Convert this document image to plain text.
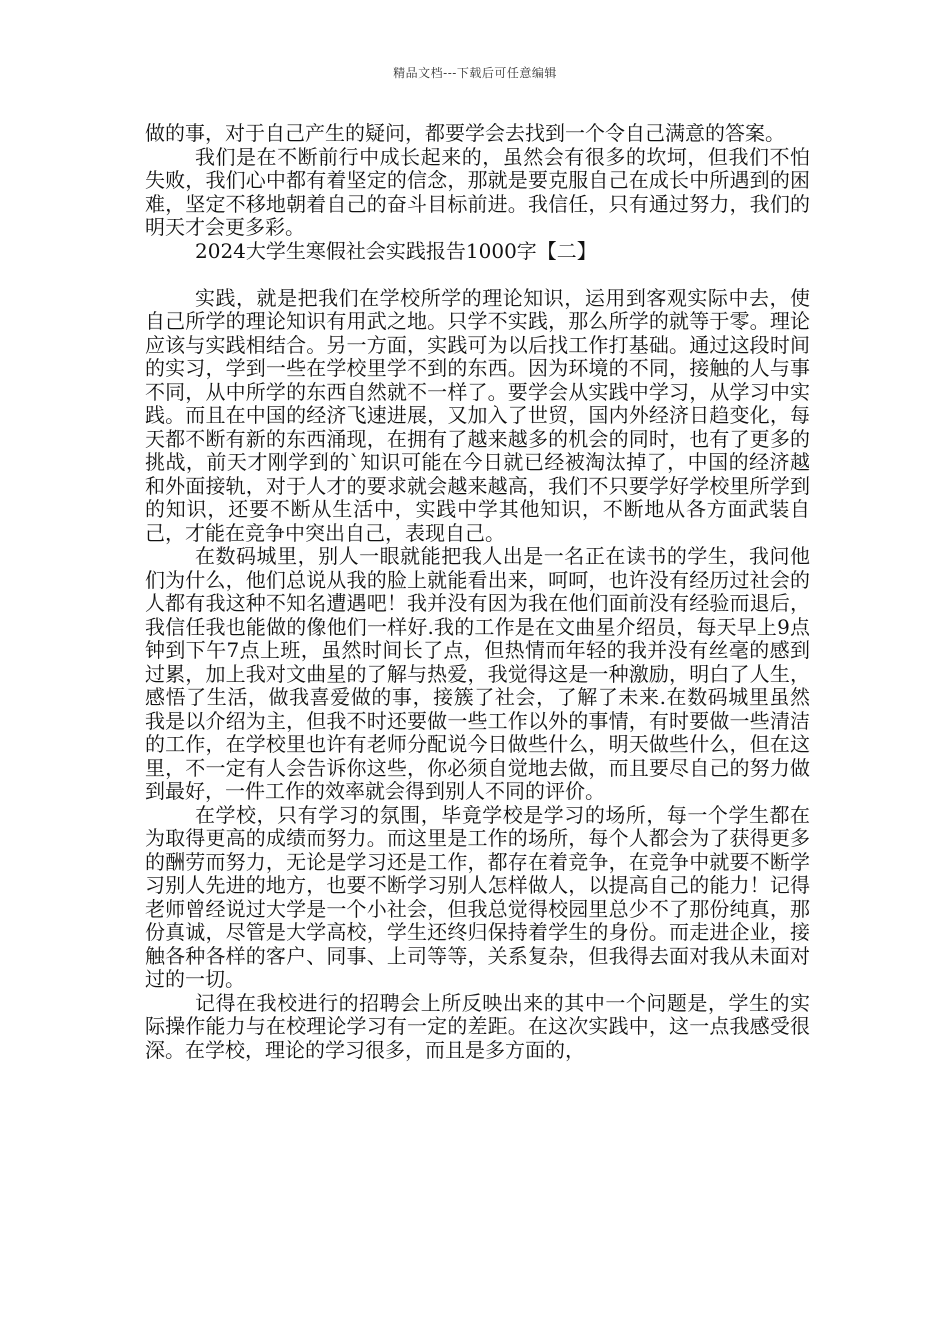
精品文档---下载后可任意编辑

做的事，对于自己产生的疑问，都要学会去找到一个令自己满意的答案。

我们是在不断前行中成长起来的，虽然会有很多的坎坷，但我们不怕失败，我们心中都有着坚定的信念，那就是要克服自己在成长中所遇到的困难，坚定不移地朝着自己的奋斗目标前进。我信任，只有通过努力，我们的明天才会更多彩。

2024大学生寒假社会实践报告1000字【二】

实践，就是把我们在学校所学的理论知识，运用到客观实际中去，使自己所学的理论知识有用武之地。只学不实践，那么所学的就等于零。理论应该与实践相结合。另一方面，实践可为以后找工作打基础。通过这段时间的实习，学到一些在学校里学不到的东西。因为环境的不同，接触的人与事不同，从中所学的东西自然就不一样了。要学会从实践中学习，从学习中实践。而且在中国的经济飞速进展，又加入了世贸，国内外经济日趋变化，每天都不断有新的东西涌现，在拥有了越来越多的机会的同时，也有了更多的挑战，前天才刚学到的`知识可能在今日就已经被淘汰掉了，中国的经济越和外面接轨，对于人才的要求就会越来越高，我们不只要学好学校里所学到的知识，还要不断从生活中，实践中学其他知识，不断地从各方面武装自己，才能在竞争中突出自己，表现自己。

在数码城里，别人一眼就能把我人出是一名正在读书的学生，我问他们为什么，他们总说从我的脸上就能看出来，呵呵，也许没有经历过社会的人都有我这种不知名遭遇吧！我并没有因为我在他们面前没有经验而退后，我信任我也能做的像他们一样好.我的工作是在文曲星介绍员，每天早上9点钟到下午7点上班，虽然时间长了点，但热情而年轻的我并没有丝毫的感到过累，加上我对文曲星的了解与热爱，我觉得这是一种激励，明白了人生，感悟了生活，做我喜爱做的事，接簇了社会，了解了未来.在数码城里虽然我是以介绍为主，但我不时还要做一些工作以外的事情，有时要做一些清洁的工作，在学校里也许有老师分配说今日做些什么，明天做些什么，但在这里，不一定有人会告诉你这些，你必须自觉地去做，而且要尽自己的努力做到最好，一件工作的效率就会得到别人不同的评价。

在学校，只有学习的氛围，毕竟学校是学习的场所，每一个学生都在为取得更高的成绩而努力。而这里是工作的场所，每个人都会为了获得更多的酬劳而努力，无论是学习还是工作，都存在着竞争，在竞争中就要不断学习别人先进的地方，也要不断学习别人怎样做人，以提高自己的能力！记得老师曾经说过大学是一个小社会，但我总觉得校园里总少不了那份纯真，那份真诚，尽管是大学高校，学生还终归保持着学生的身份。而走进企业，接触各种各样的客户、同事、上司等等，关系复杂，但我得去面对我从未面对过的一切。

记得在我校进行的招聘会上所反映出来的其中一个问题是，学生的实际操作能力与在校理论学习有一定的差距。在这次实践中，这一点我感受很深。在学校，理论的学习很多，而且是多方面的，
